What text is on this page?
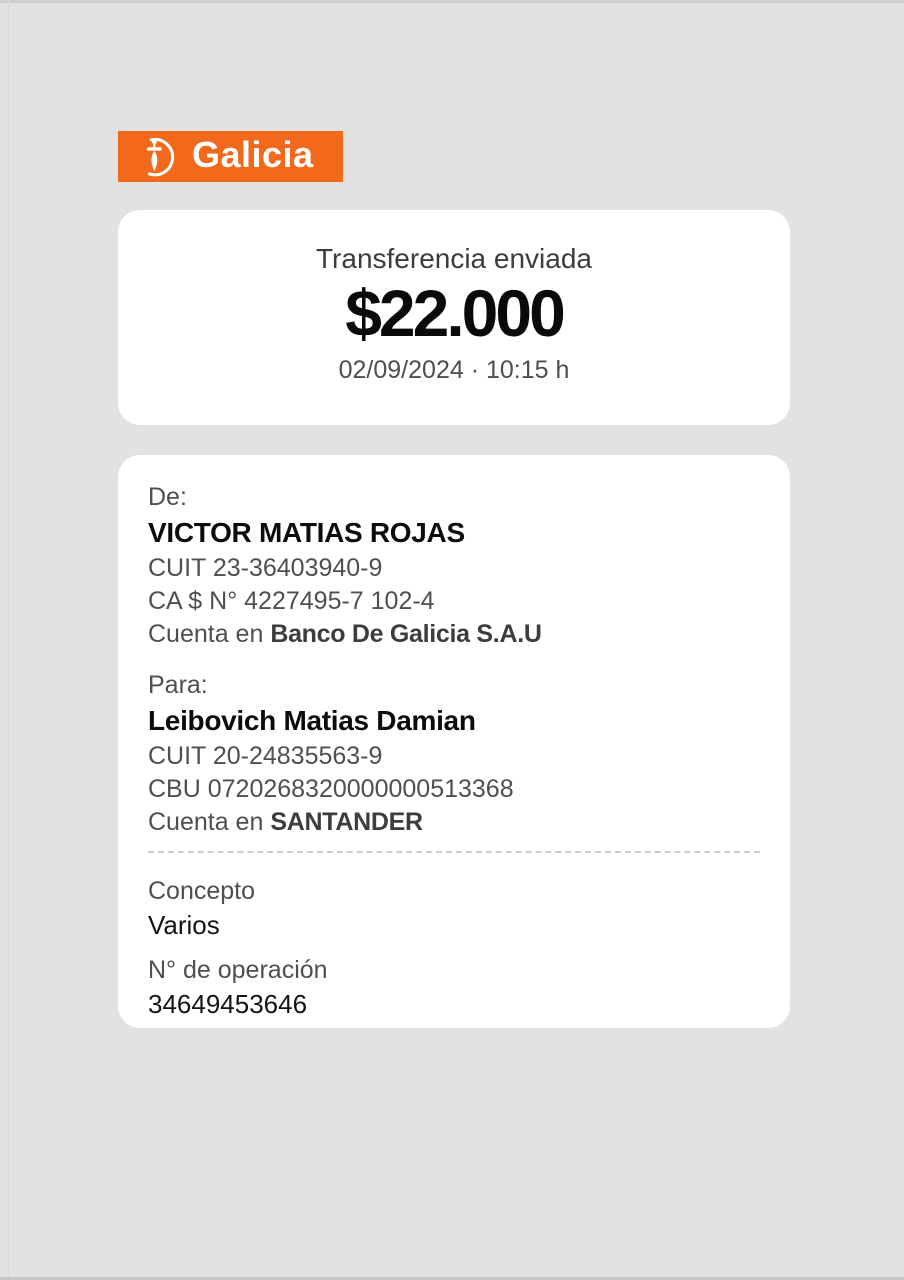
Galicia
Transferencia enviada
$22.000
02/09/2024 · 10:15 h
De:
VICTOR MATIAS ROJAS
CUIT 23-36403940-9
CA $ N° 4227495-7 102-4
Cuenta en Banco De Galicia S.A.U
Para:
Leibovich Matias Damian
CUIT 20-24835563-9
CBU 0720268320000000513368
Cuenta en SANTANDER
Concepto
Varios
N° de operación
34649453646
